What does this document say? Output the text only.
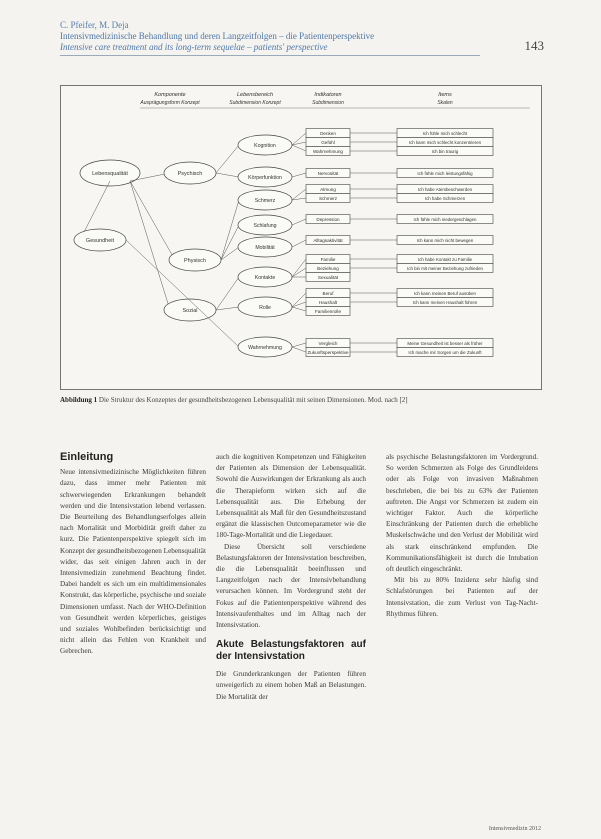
C. Pfeifer, M. Deja
Intensivmedizinische Behandlung und deren Langzeitfolgen – die Patientenperspektive
Intensive care treatment and its long-term sequelae – patients' perspective	143
Komponente
Ausprägungsform Konzept
Lebensbereich
Subdimension Konzept
Indikatoren
Subdimension
Items
Skalen
Lebensqualität	Psychisch
Physisch
Sozial
Gesundheit
Kognition
Körperfunktion
Schmerz
Schlafung
Mobilität
Kontakte
Rolle
Wahrnehmung
Denken
Gefühl
Wahrnehmung
Nervosität
Atmung
Schmerz
Depression
Alltagsaktivität
Familie
Beziehung
Sexualität
Beruf
Haushalt
Familienrolle
Vergleich
Zukunftsperspektive
Ich fühle mich schlecht
Ich kann mich schlecht konzentrieren
Ich bin traurig
Ich fühle mich leistungsfähig
Ich habe Atembeschwerden
Ich habe Schmerzen
Ich fühle mich niedergeschlagen
Ich kann mich nicht bewegen
Ich habe Kontakt zu Familie
Ich bin mit meiner Beziehung zufrieden
Ich kann meinen Beruf ausüben
Ich kann meinen Haushalt führen
Meine Gesundheit ist besser als früher
Ich mache mir Sorgen um die Zukunft
Abbildung 1 Die Struktur des Konzeptes der gesundheitsbezogenen Lebensqualität mit seinen Dimensionen. Mod. nach [2]
Einleitung

Neue intensivmedizinische Möglichkeiten führen dazu, dass immer mehr Patienten mit schwerwiegenden Erkrankungen behandelt werden und die Intensivstation lebend verlassen. Die Beurteilung des Behandlungserfolges allein nach Mortalität und Morbidität greift daher zu kurz. Die Patientenperspektive spiegelt sich im Konzept der gesundheitsbezogenen Lebensqualität wider, das seit einigen Jahren auch in der Intensivmedizin zunehmend Beachtung findet. Dabei handelt es sich um ein multidimensionales Konstrukt, das körperliche, psychische und soziale Dimensionen umfasst. Nach der WHO-Definition von Gesundheit werden körperliches, geistiges und soziales Wohlbefinden berücksichtigt und nicht allein das Fehlen von Krankheit und Gebrechen.

auch die kognitiven Kompetenzen und Fähigkeiten der Patienten als Dimension der Lebensqualität. Sowohl die Auswirkungen der Erkrankung als auch die Therapieform wirken sich auf die Lebensqualität aus. Die Erhebung der Lebensqualität als Maß für den Gesundheitszustand ergänzt die klassischen Outcomeparameter wie die 180-Tage-Mortalität und die Liegedauer.

Diese Übersicht soll verschiedene Belastungsfaktoren der Intensivstation beschreiben, die die Lebensqualität beeinflussen und Langzeitfolgen nach der Intensivbehandlung verursachen können. Im Vordergrund steht der Fokus auf die Patientenperspektive während des Intensivaufenthaltes und im Alltag nach der Intensivstation.

Akute Belastungsfaktoren auf der Intensivstation

Die Grunderkrankungen der Patienten führen unweigerlich zu einem hohen Maß an Belastungen. Die Mortalität der

als psychische Belastungsfaktoren im Vordergrund. So werden Schmerzen als Folge des Grundleidens oder als Folge von invasiven Maßnahmen beschrieben, die bei bis zu 63% der Patienten auftreten. Die Angst vor Schmerzen ist zudem ein wichtiger Faktor. Auch die körperliche Einschränkung der Patienten durch die erhebliche Muskelschwäche und den Verlust der Mobilität wird als stark einschränkend empfunden. Die Kommunikationsfähigkeit ist durch die Intubation oft deutlich eingeschränkt.

Mit bis zu 80% Inzidenz sehr häufig sind Schlafstörungen bei Patienten auf der Intensivstation, die zum Verlust von Tag-Nacht-Rhythmus führen.

Intensivmedizin 2012
